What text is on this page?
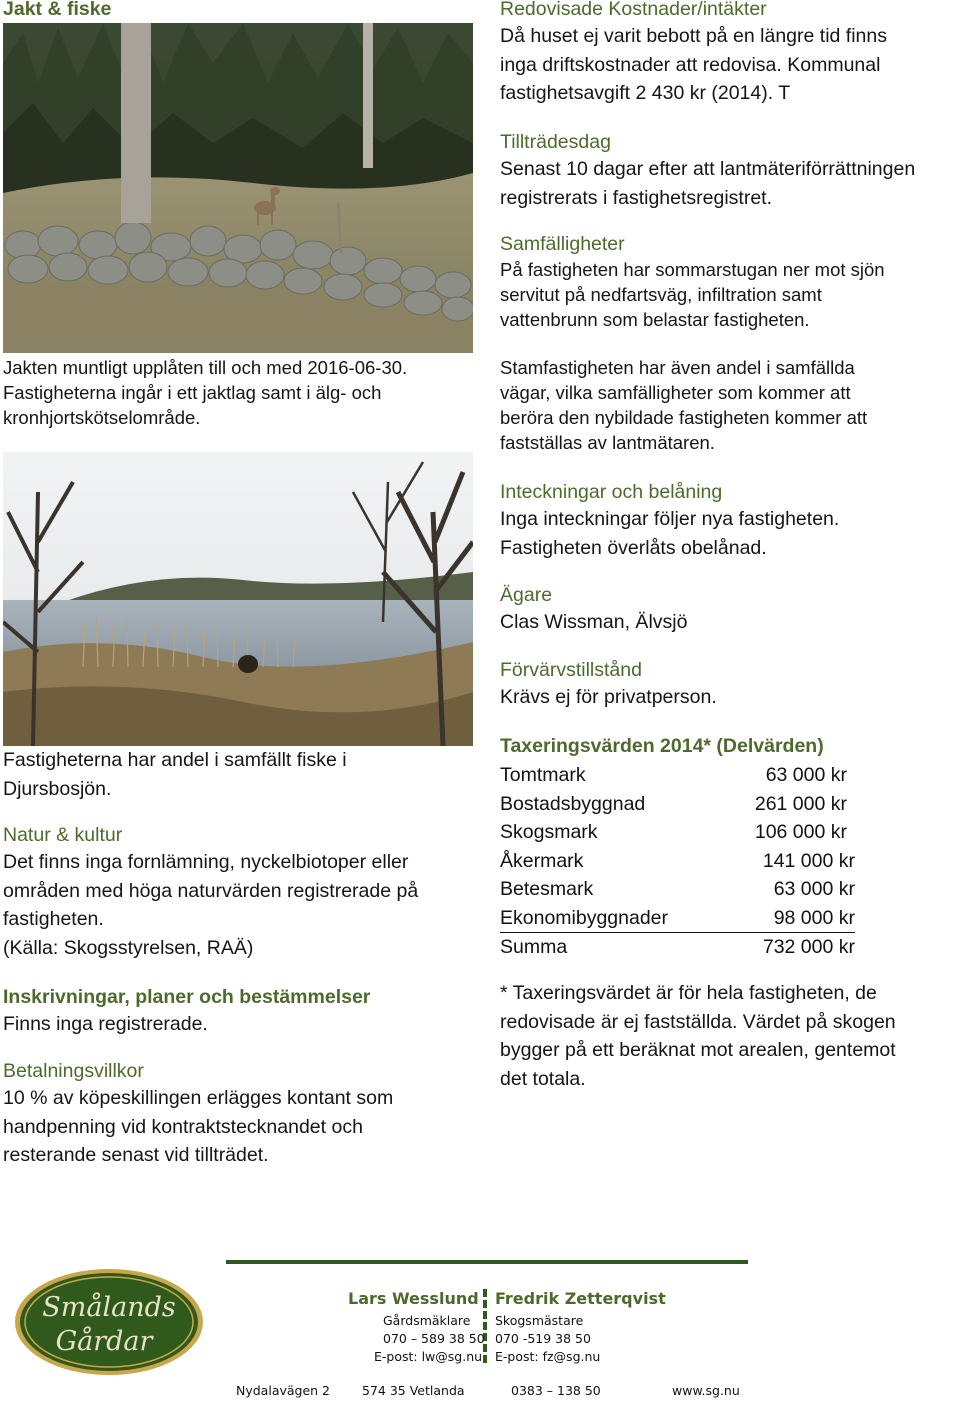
Jakt & fiske
Jakten muntligt upplåten till och med 2016-06-30.
Fastigheterna ingår i ett jaktlag samt i älg- och
kronhjortskötselområde.
Fastigheterna har andel i samfällt fiske i
Djursbosjön.
Natur & kultur
Det finns inga fornlämning, nyckelbiotoper eller
områden med höga naturvärden registrerade på
fastigheten.
(Källa: Skogsstyrelsen, RAÄ)
Inskrivningar, planer och bestämmelser
Finns inga registrerade.
Betalningsvillkor
10 % av köpeskillingen erlägges kontant som
handpenning vid kontraktstecknandet och
resterande senast vid tillträdet.
Redovisade Kostnader/intäkter
Då huset ej varit bebott på en längre tid finns
inga driftskostnader att redovisa. Kommunal
fastighetsavgift 2 430 kr (2014). T
Tillträdesdag
Senast 10 dagar efter att lantmäteriförrättningen
registrerats i fastighetsregistret.
Samfälligheter
På fastigheten har sommarstugan ner mot sjön
servitut på nedfartsväg, infiltration samt
vattenbrunn som belastar fastigheten.
Stamfastigheten har även andel i samfällda
vägar, vilka samfälligheter som kommer att
beröra den nybildade fastigheten kommer att
fastställas av lantmätaren.
Inteckningar och belåning
Inga inteckningar följer nya fastigheten.
Fastigheten överlåts obelånad.
Ägare
Clas Wissman, Älvsjö
Förvärvstillstånd
Krävs ej för privatperson.
Taxeringsvärden 2014* (Delvärden)
Tomtmark	63 000 kr
Bostadsbyggnad	261 000 kr
Skogsmark	106 000 kr
Åkermark	141 000 kr
Betesmark	63 000 kr
Ekonomibyggnader	98 000 kr
Summa	732 000 kr
* Taxeringsvärdet är för hela fastigheten, de
redovisade är ej fastställda. Värdet på skogen
bygger på ett beräknat mot arealen, gentemot
det totala.
Smålands
Gårdar
Lars Wesslund Fredrik Zetterqvist
Gårdsmäklare
070 – 589 38 50
E-post: lw@sg.nu
Skogsmästare
070 -519 38 50
E-post: fz@sg.nu
Nydalavägen 2	574 35 Vetlanda	0383 – 138 50	www.sg.nu
